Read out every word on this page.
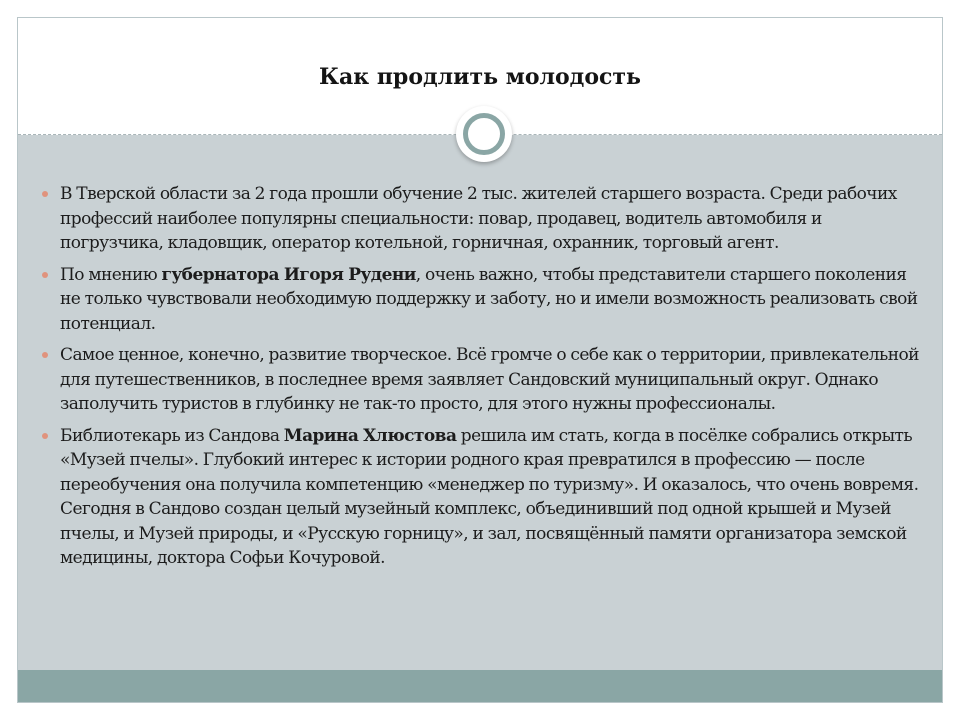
Как продлить молодость
В Тверской области за 2 года прошли обучение 2 тыс. жителей старшего возраста. Среди рабочих профессий наиболее популярны специальности: повар, продавец, водитель автомобиля и погрузчика, кладовщик, оператор котельной, горничная, охранник, торговый агент.
По мнению губернатора Игоря Рудени, очень важно, чтобы представители старшего поколения не только чувствовали необходимую поддержку и заботу, но и имели возможность реализовать свой потенциал.
Самое ценное, конечно, развитие творческое. Всё громче о себе как о территории, привлекательной для путешественников, в последнее время заявляет Сандовский муниципальный округ. Однако заполучить туристов в глубинку не так-то просто, для этого нужны профессионалы.
Библиотекарь из Сандова Марина Хлюстова решила им стать, когда в посёлке собрались открыть «Музей пчелы». Глубокий интерес к истории родного края превратился в профессию — после переобучения она получила компетенцию «менеджер по туризму». И оказалось, что очень вовремя. Сегодня в Сандово создан целый музейный комплекс, объединивший под одной крышей и Музей пчелы, и Музей природы, и «Русскую горницу», и зал, посвящённый памяти организатора земской медицины, доктора Софьи Кочуровой.
